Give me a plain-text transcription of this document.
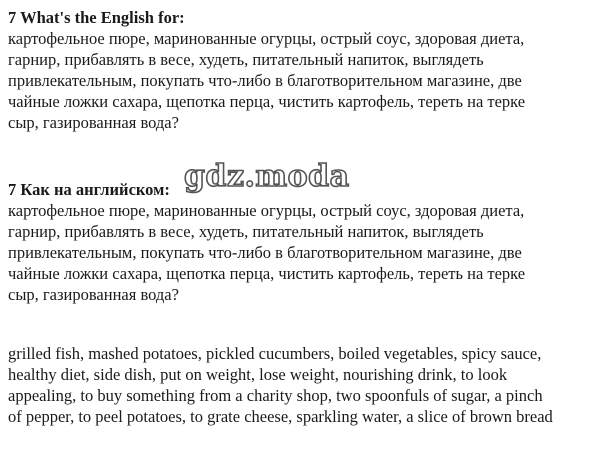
7 What's the English for:
картофельное пюре, маринованные огурцы, острый соус, здоровая диета,
гарнир, прибавлять в весе, худеть, питательный напиток, выглядеть
привлекательным, покупать что-либо в благотворительном магазине, две
чайные ложки сахара, щепотка перца, чистить картофель, тереть на терке
сыр, газированная вода?
7 Как на английском:
картофельное пюре, маринованные огурцы, острый соус, здоровая диета,
гарнир, прибавлять в весе, худеть, питательный напиток, выглядеть
привлекательным, покупать что-либо в благотворительном магазине, две
чайные ложки сахара, щепотка перца, чистить картофель, тереть на терке
сыр, газированная вода?
grilled fish, mashed potatoes, pickled cucumbers, boiled vegetables, spicy sauce,
healthy diet, side dish, put on weight, lose weight, nourishing drink, to look
appealing, to buy something from a charity shop, two spoonfuls of sugar, a pinch
of pepper, to peel potatoes, to grate cheese, sparkling water, a slice of brown bread
gdz.moda
